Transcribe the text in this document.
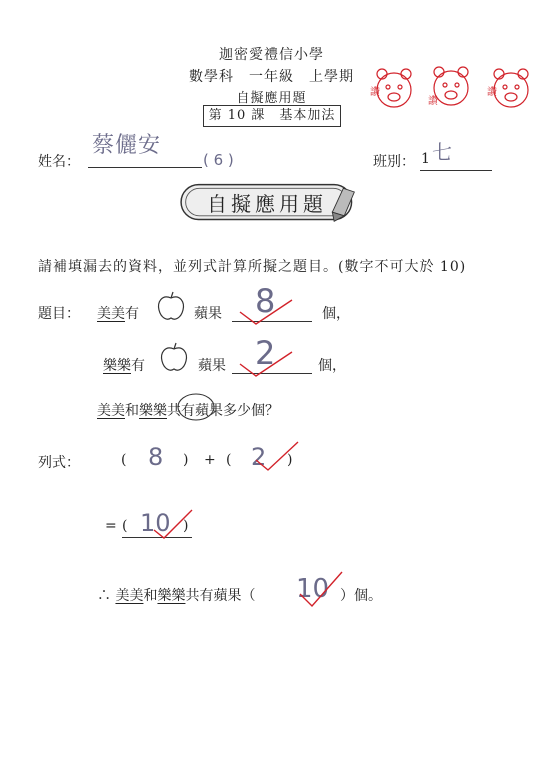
迦密愛禮信小學
數學科　一年級　上學期
自擬應用題
第 10 課　基本加法
讚
讚
讚
姓名：
蔡儷安
( 6 )	班別： 1 七
自擬應用題
請補填漏去的資料，並列式計算所擬之題目。(數字不可大於 10)
題目： 美美有	蘋果 8	個，
樂樂有	蘋果 2	個，
美美和樂樂共有蘋果多少個？
列式：	( 8 ) + ( 2 )
= ( 10 )
∴ 美美和樂樂共有蘋果（ 10 ）個。
